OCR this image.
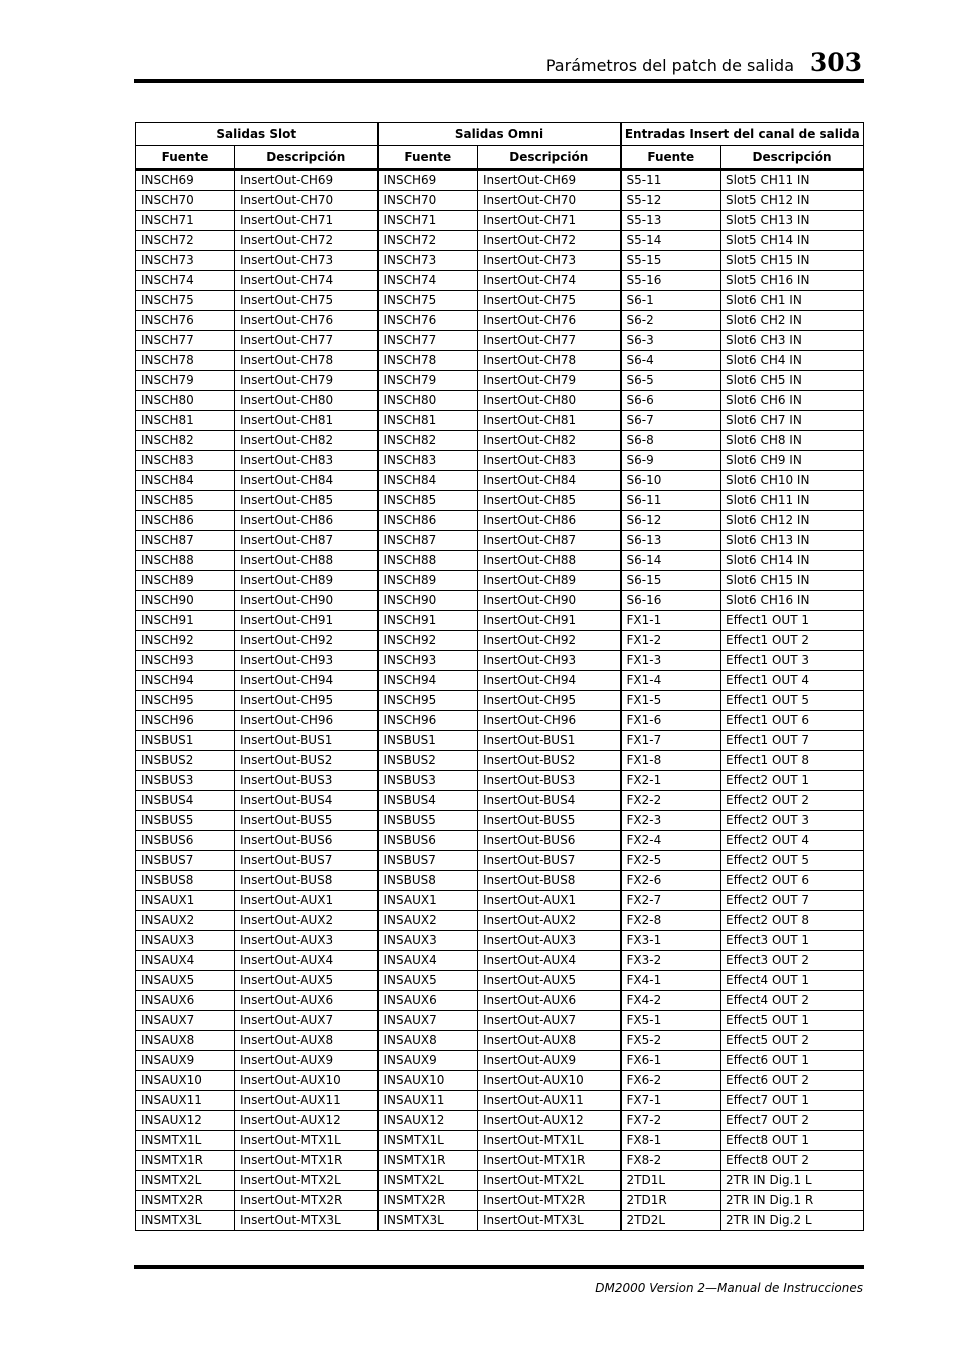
Parámetros del patch de salida 303
Salidas Slot		Salidas Omni		Entradas Insert del canal de salida	
Fuente	Descripción	Fuente	Descripción	Fuente	Descripción
INSCH69	InsertOut-CH69	INSCH69	InsertOut-CH69	S5-11	Slot5 CH11 IN
INSCH70	InsertOut-CH70	INSCH70	InsertOut-CH70	S5-12	Slot5 CH12 IN
INSCH71	InsertOut-CH71	INSCH71	InsertOut-CH71	S5-13	Slot5 CH13 IN
INSCH72	InsertOut-CH72	INSCH72	InsertOut-CH72	S5-14	Slot5 CH14 IN
INSCH73	InsertOut-CH73	INSCH73	InsertOut-CH73	S5-15	Slot5 CH15 IN
INSCH74	InsertOut-CH74	INSCH74	InsertOut-CH74	S5-16	Slot5 CH16 IN
INSCH75	InsertOut-CH75	INSCH75	InsertOut-CH75	S6-1	Slot6 CH1 IN
INSCH76	InsertOut-CH76	INSCH76	InsertOut-CH76	S6-2	Slot6 CH2 IN
INSCH77	InsertOut-CH77	INSCH77	InsertOut-CH77	S6-3	Slot6 CH3 IN
INSCH78	InsertOut-CH78	INSCH78	InsertOut-CH78	S6-4	Slot6 CH4 IN
INSCH79	InsertOut-CH79	INSCH79	InsertOut-CH79	S6-5	Slot6 CH5 IN
INSCH80	InsertOut-CH80	INSCH80	InsertOut-CH80	S6-6	Slot6 CH6 IN
INSCH81	InsertOut-CH81	INSCH81	InsertOut-CH81	S6-7	Slot6 CH7 IN
INSCH82	InsertOut-CH82	INSCH82	InsertOut-CH82	S6-8	Slot6 CH8 IN
INSCH83	InsertOut-CH83	INSCH83	InsertOut-CH83	S6-9	Slot6 CH9 IN
INSCH84	InsertOut-CH84	INSCH84	InsertOut-CH84	S6-10	Slot6 CH10 IN
INSCH85	InsertOut-CH85	INSCH85	InsertOut-CH85	S6-11	Slot6 CH11 IN
INSCH86	InsertOut-CH86	INSCH86	InsertOut-CH86	S6-12	Slot6 CH12 IN
INSCH87	InsertOut-CH87	INSCH87	InsertOut-CH87	S6-13	Slot6 CH13 IN
INSCH88	InsertOut-CH88	INSCH88	InsertOut-CH88	S6-14	Slot6 CH14 IN
INSCH89	InsertOut-CH89	INSCH89	InsertOut-CH89	S6-15	Slot6 CH15 IN
INSCH90	InsertOut-CH90	INSCH90	InsertOut-CH90	S6-16	Slot6 CH16 IN
INSCH91	InsertOut-CH91	INSCH91	InsertOut-CH91	FX1-1	Effect1 OUT 1
INSCH92	InsertOut-CH92	INSCH92	InsertOut-CH92	FX1-2	Effect1 OUT 2
INSCH93	InsertOut-CH93	INSCH93	InsertOut-CH93	FX1-3	Effect1 OUT 3
INSCH94	InsertOut-CH94	INSCH94	InsertOut-CH94	FX1-4	Effect1 OUT 4
INSCH95	InsertOut-CH95	INSCH95	InsertOut-CH95	FX1-5	Effect1 OUT 5
INSCH96	InsertOut-CH96	INSCH96	InsertOut-CH96	FX1-6	Effect1 OUT 6
INSBUS1	InsertOut-BUS1	INSBUS1	InsertOut-BUS1	FX1-7	Effect1 OUT 7
INSBUS2	InsertOut-BUS2	INSBUS2	InsertOut-BUS2	FX1-8	Effect1 OUT 8
INSBUS3	InsertOut-BUS3	INSBUS3	InsertOut-BUS3	FX2-1	Effect2 OUT 1
INSBUS4	InsertOut-BUS4	INSBUS4	InsertOut-BUS4	FX2-2	Effect2 OUT 2
INSBUS5	InsertOut-BUS5	INSBUS5	InsertOut-BUS5	FX2-3	Effect2 OUT 3
INSBUS6	InsertOut-BUS6	INSBUS6	InsertOut-BUS6	FX2-4	Effect2 OUT 4
INSBUS7	InsertOut-BUS7	INSBUS7	InsertOut-BUS7	FX2-5	Effect2 OUT 5
INSBUS8	InsertOut-BUS8	INSBUS8	InsertOut-BUS8	FX2-6	Effect2 OUT 6
INSAUX1	InsertOut-AUX1	INSAUX1	InsertOut-AUX1	FX2-7	Effect2 OUT 7
INSAUX2	InsertOut-AUX2	INSAUX2	InsertOut-AUX2	FX2-8	Effect2 OUT 8
INSAUX3	InsertOut-AUX3	INSAUX3	InsertOut-AUX3	FX3-1	Effect3 OUT 1
INSAUX4	InsertOut-AUX4	INSAUX4	InsertOut-AUX4	FX3-2	Effect3 OUT 2
INSAUX5	InsertOut-AUX5	INSAUX5	InsertOut-AUX5	FX4-1	Effect4 OUT 1
INSAUX6	InsertOut-AUX6	INSAUX6	InsertOut-AUX6	FX4-2	Effect4 OUT 2
INSAUX7	InsertOut-AUX7	INSAUX7	InsertOut-AUX7	FX5-1	Effect5 OUT 1
INSAUX8	InsertOut-AUX8	INSAUX8	InsertOut-AUX8	FX5-2	Effect5 OUT 2
INSAUX9	InsertOut-AUX9	INSAUX9	InsertOut-AUX9	FX6-1	Effect6 OUT 1
INSAUX10	InsertOut-AUX10	INSAUX10	InsertOut-AUX10	FX6-2	Effect6 OUT 2
INSAUX11	InsertOut-AUX11	INSAUX11	InsertOut-AUX11	FX7-1	Effect7 OUT 1
INSAUX12	InsertOut-AUX12	INSAUX12	InsertOut-AUX12	FX7-2	Effect7 OUT 2
INSMTX1L	InsertOut-MTX1L	INSMTX1L	InsertOut-MTX1L	FX8-1	Effect8 OUT 1
INSMTX1R	InsertOut-MTX1R	INSMTX1R	InsertOut-MTX1R	FX8-2	Effect8 OUT 2
INSMTX2L	InsertOut-MTX2L	INSMTX2L	InsertOut-MTX2L	2TD1L	2TR IN Dig.1 L
INSMTX2R	InsertOut-MTX2R	INSMTX2R	InsertOut-MTX2R	2TD1R	2TR IN Dig.1 R
INSMTX3L	InsertOut-MTX3L	INSMTX3L	InsertOut-MTX3L	2TD2L	2TR IN Dig.2 L
DM2000 Version 2—Manual de Instrucciones
